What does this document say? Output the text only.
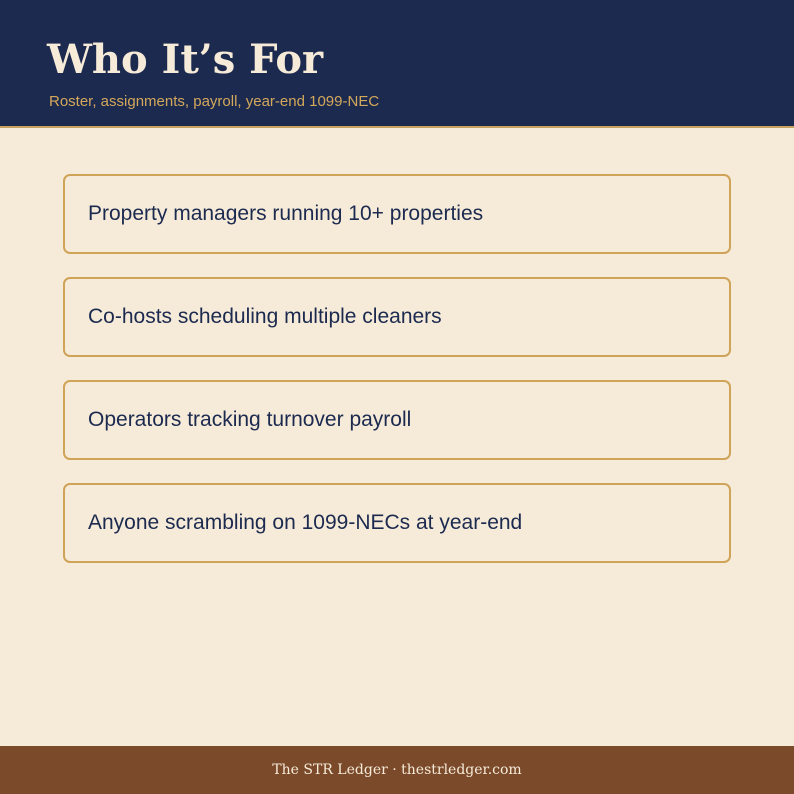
Who It’s For
Roster, assignments, payroll, year-end 1099-NEC
Property managers running 10+ properties
Co-hosts scheduling multiple cleaners
Operators tracking turnover payroll
Anyone scrambling on 1099-NECs at year-end
The STR Ledger · thestrledger.com
